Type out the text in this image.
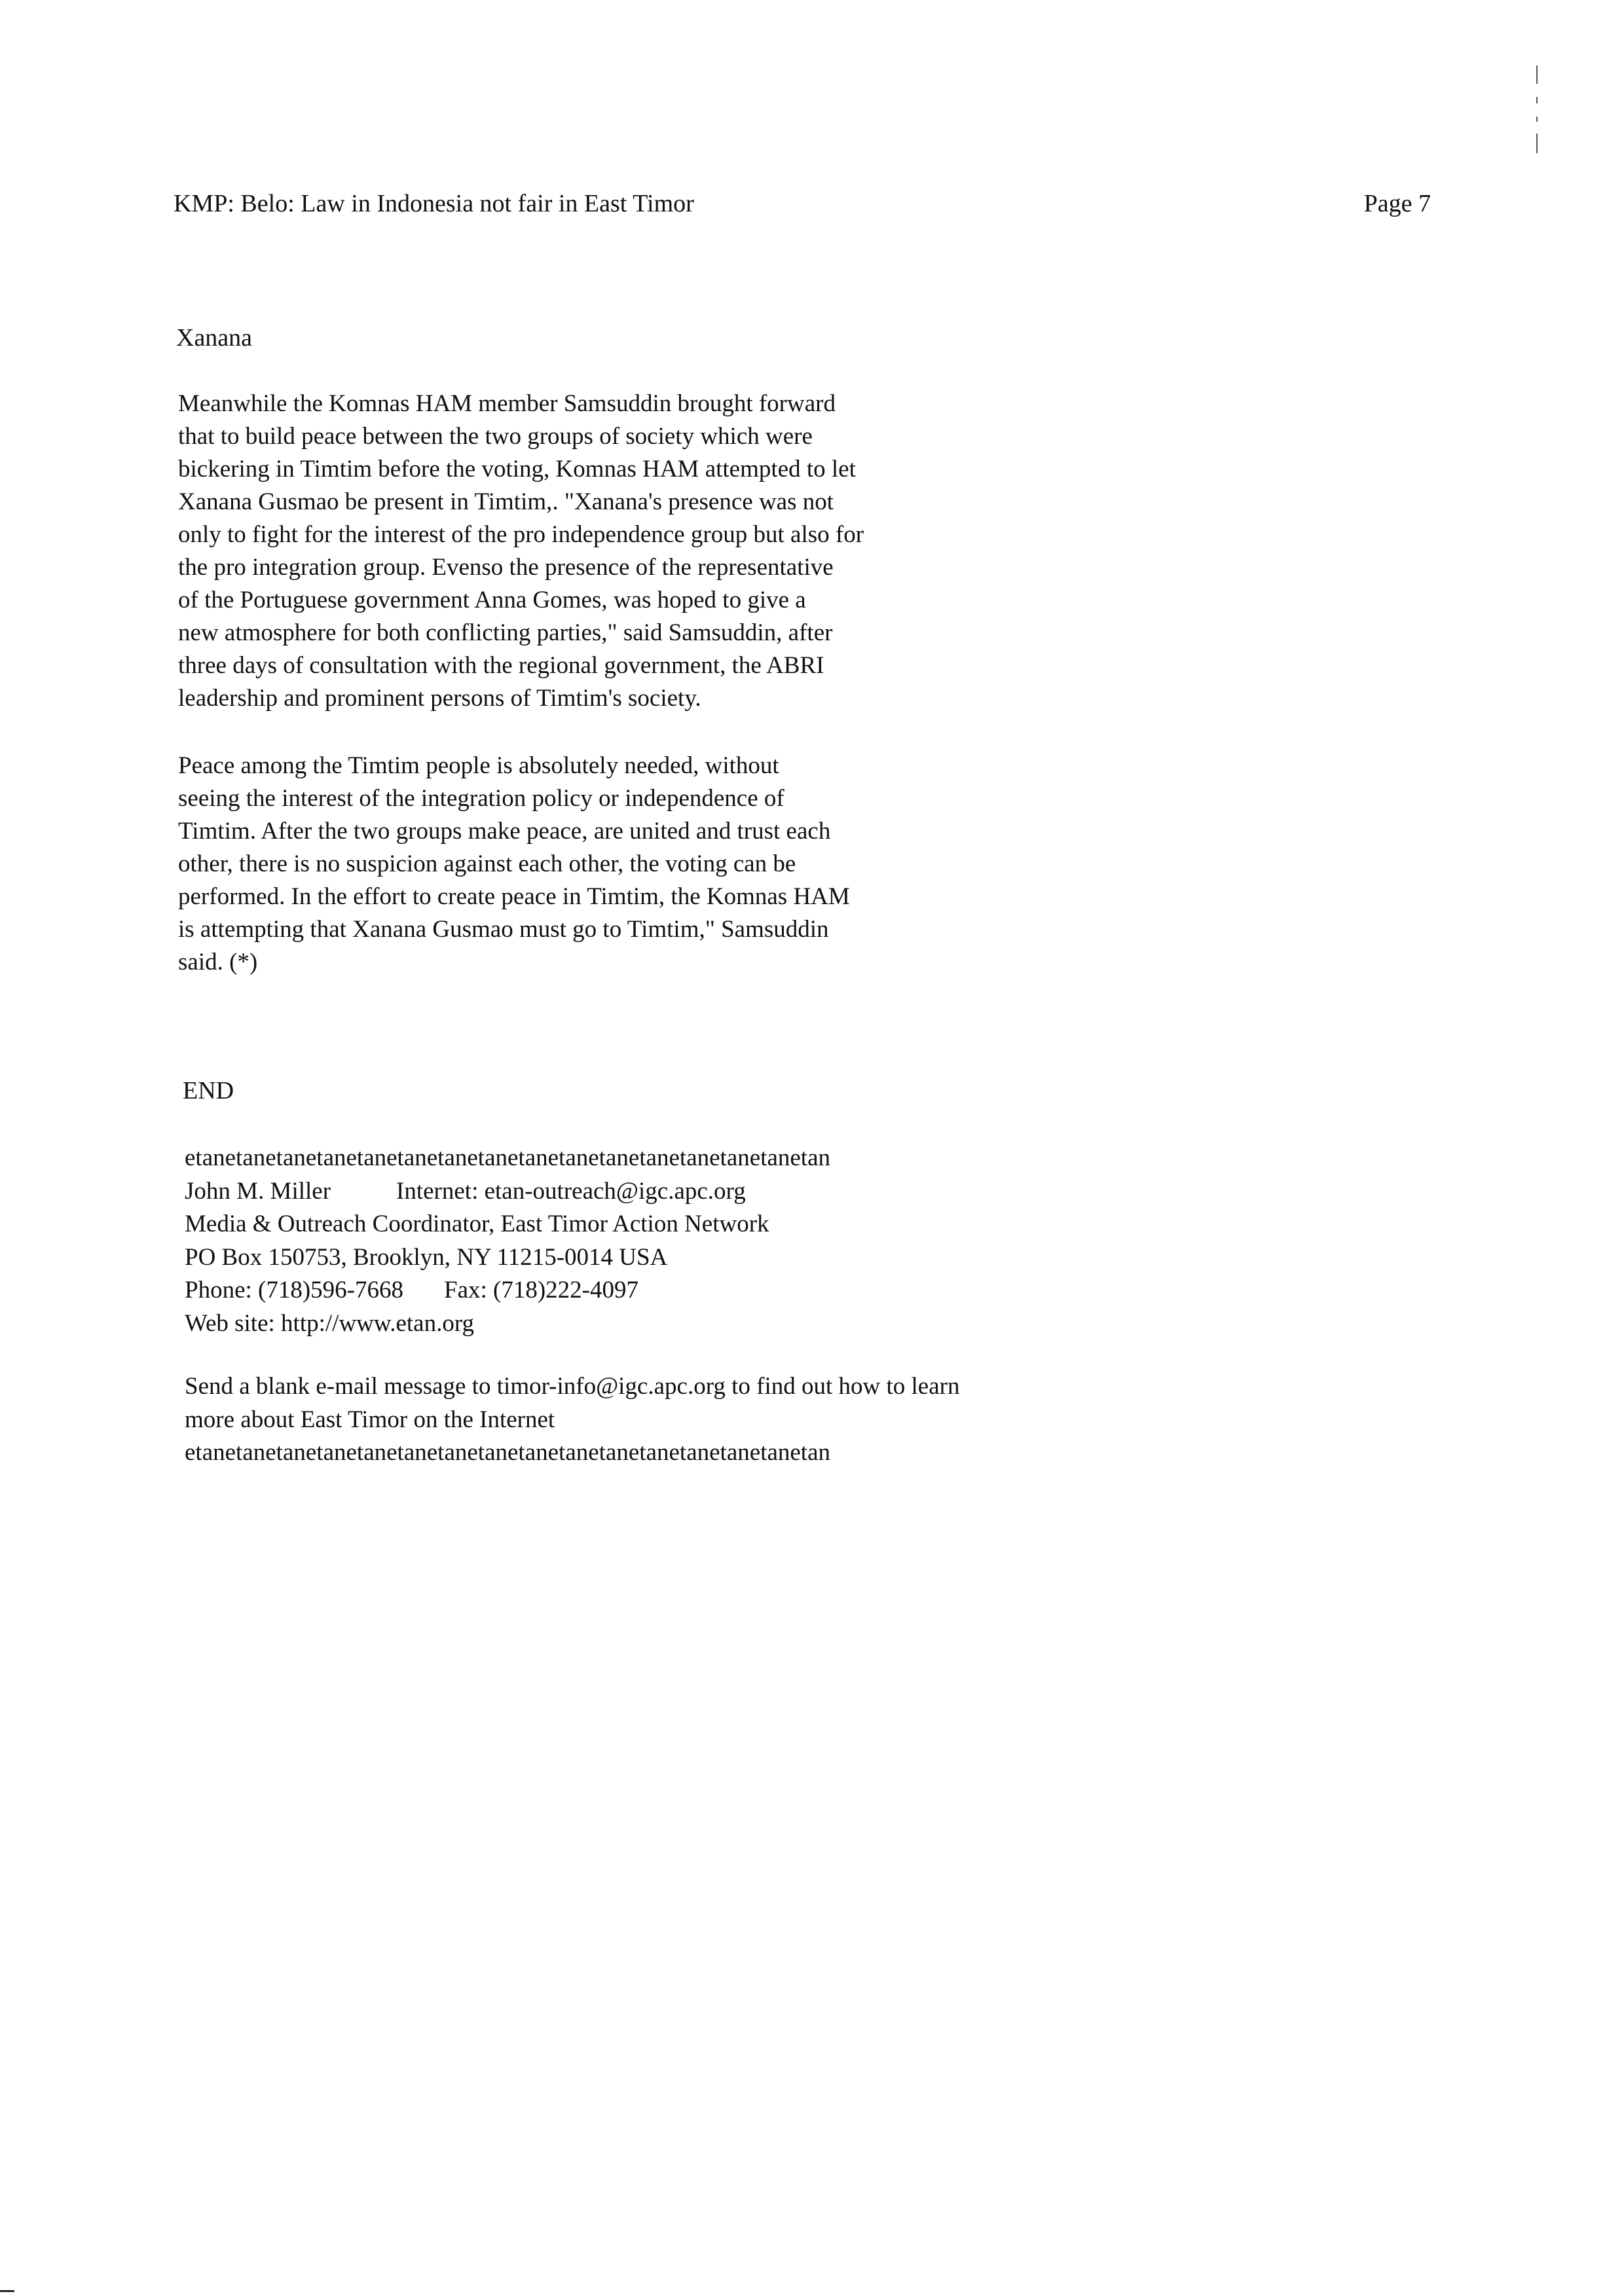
KMP: Belo: Law in Indonesia not fair in East Timor	Page 7
Xanana
Meanwhile the Komnas HAM member Samsuddin brought forward
that to build peace between the two groups of society which were
bickering in Timtim before the voting, Komnas HAM attempted to let
Xanana Gusmao be present in Timtim,. "Xanana's presence was not
only to fight for the interest of the pro independence group but also for
the pro integration group. Evenso the presence of the representative
of the Portuguese government Anna Gomes, was hoped to give a
new atmosphere for both conflicting parties," said Samsuddin, after
three days of consultation with the regional government, the ABRI
leadership and prominent persons of Timtim's society.
Peace among the Timtim people is absolutely needed, without
seeing the interest of the integration policy or independence of
Timtim. After the two groups make peace, are united and trust each
other, there is no suspicion against each other, the voting can be
performed. In the effort to create peace in Timtim, the Komnas HAM
is attempting that Xanana Gusmao must go to Timtim," Samsuddin
said. (*)
END
etanetanetanetanetanetanetanetanetanetanetanetanetanetanetanetan
John M. Miller	Internet: etan-outreach@igc.apc.org
Media & Outreach Coordinator, East Timor Action Network
PO Box 150753, Brooklyn, NY 11215-0014 USA
Phone: (718)596-7668 Fax: (718)222-4097
Web site: http://www.etan.org
Send a blank e-mail message to timor-info@igc.apc.org to find out how to learn
more about East Timor on the Internet
etanetanetanetanetanetanetanetanetanetanetanetanetanetanetanetan
